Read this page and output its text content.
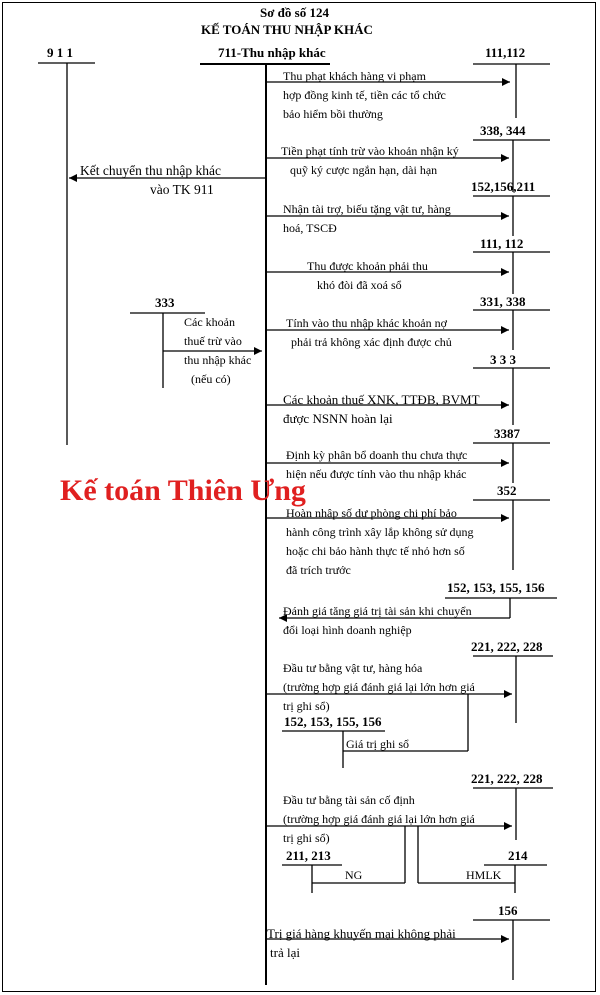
Sơ đồ số 124
KẾ TOÁN THU NHẬP KHÁC
9 1 1	711-Thu nhập khác	111,112
338, 344
152,156,211
111, 112
333	331, 338
3 3 3
3387
352
152, 153, 155, 156
221, 222, 228
152, 153, 155, 156
221, 222, 228
211, 213	214
156
Thu phạt khách hàng vi phạm
hợp đồng kinh tế, tiền các tổ chức
bảo hiểm bồi thường
Tiền phạt tính trừ vào khoản nhận ký
quỹ ký cược ngắn hạn, dài hạn
Kết chuyển thu nhập khác
vào TK 911
Nhận tài trợ, biếu tặng vật tư, hàng
hoá, TSCĐ
Thu được khoản phải thu
khó đòi đã xoá sổ
Các khoản
thuế trừ vào
thu nhập khác
(nếu có)
Tính vào thu nhập khác khoản nợ
phải trả không xác định được chủ
Các khoản thuế XNK, TTĐB, BVMT
được NSNN hoàn lại
Định kỳ phân bổ doanh thu chưa thực
hiện nếu được tính vào thu nhập khác
Hoàn nhập số dự phòng chi phí bảo
hành công trình xây lắp không sử dụng
hoặc chi bảo hành thực tế nhỏ hơn số
đã trích trước
Đánh giá tăng giá trị tài sản khi chuyển
đổi loại hình doanh nghiệp
Đầu tư bằng vật tư, hàng hóa
(trường hợp giá đánh giá lại lớn hơn giá
trị ghi sổ)
Giá trị ghi sổ
Đầu tư bằng tài sản cố định
(trường hợp giá đánh giá lại lớn hơn giá
trị ghi sổ)
NG	HMLK
Trị giá hàng khuyến mại không phải
trả lại
Kế toán Thiên Ưng
